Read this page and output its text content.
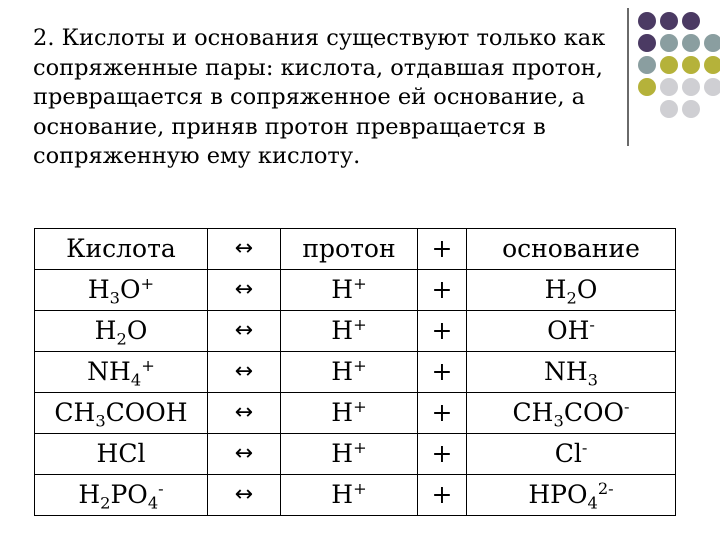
2. Кислоты и основания существуют только как
сопряженные пары: кислота, отдавшая протон,
превращается в сопряженное ей основание, а
основание, приняв протон превращается в
сопряженную ему кислоту.

Кислота	↔	протон	+	основание
$H_3O^+$	↔	H+	+	$H_2O$
$H_2O$	↔	H+	+	OH-
$NH_4^+$	↔	H+	+	$NH_3$
$CH_3COOH$	↔	H+	+	$CH_3COO^-$
HCl	↔	H+	+	Cl-
$H_2PO_4^-$	↔	H+	+	$HPO_4^{2-}$
